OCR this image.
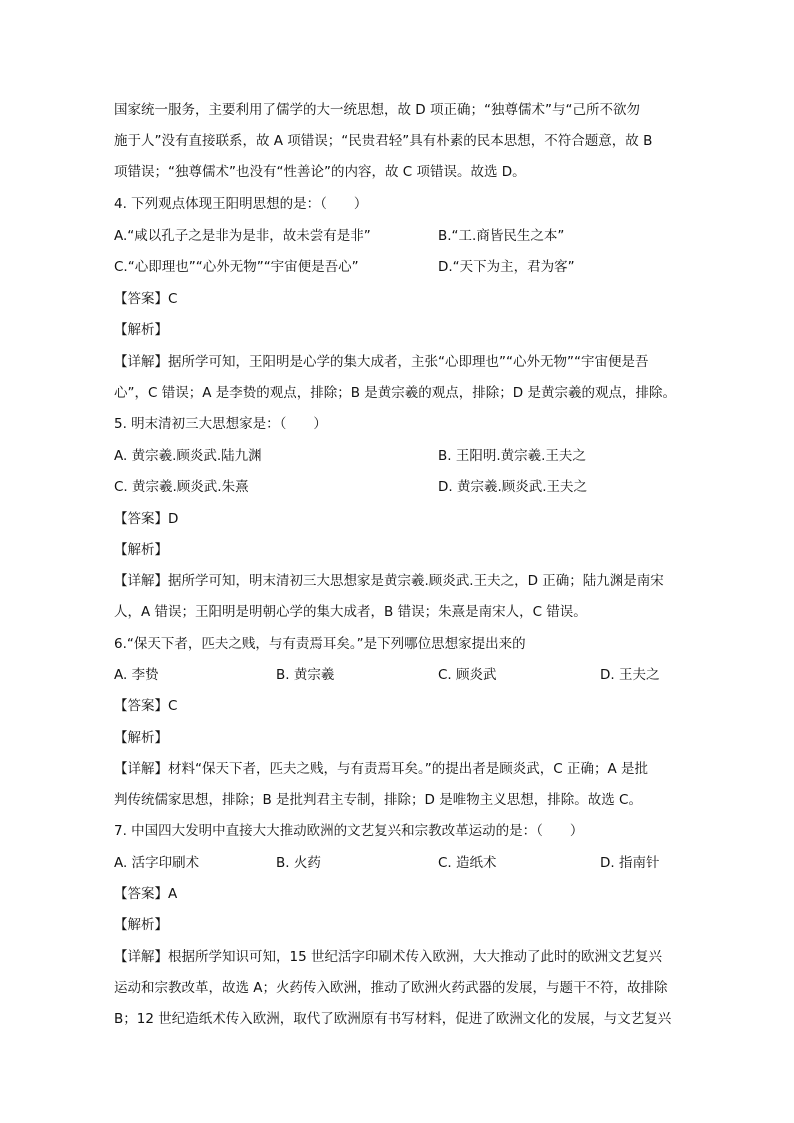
国家统一服务，主要利用了儒学的大一统思想，故 D 项正确；“独尊儒术”与“己所不欲勿
施于人”没有直接联系，故 A 项错误；“民贵君轻”具有朴素的民本思想，不符合题意，故 B
项错误；“独尊儒术”也没有“性善论”的内容，故 C 项错误。故选 D。
4. 下列观点体现王阳明思想的是：（　　）
A.“咸以孔子之是非为是非，故未尝有是非”	B.“工.商皆民生之本”
C.“心即理也”“心外无物”“宇宙便是吾心”	D.“天下为主，君为客”
【答案】C
【解析】
【详解】据所学可知，王阳明是心学的集大成者，主张“心即理也”“心外无物”“宇宙便是吾
心”，C 错误；A 是李贽的观点，排除；B 是黄宗羲的观点，排除；D 是黄宗羲的观点，排除。
5. 明末清初三大思想家是：（　　）
A. 黄宗羲.顾炎武.陆九渊	B. 王阳明.黄宗羲.王夫之
C. 黄宗羲.顾炎武.朱熹	D. 黄宗羲.顾炎武.王夫之
【答案】D
【解析】
【详解】据所学可知，明末清初三大思想家是黄宗羲.顾炎武.王夫之，D 正确；陆九渊是南宋
人，A 错误；王阳明是明朝心学的集大成者，B 错误；朱熹是南宋人，C 错误。
6.“保天下者，匹夫之贱，与有责焉耳矣。”是下列哪位思想家提出来的
A. 李贽	B. 黄宗羲	C. 顾炎武	D. 王夫之
【答案】C
【解析】
【详解】材料“保天下者，匹夫之贱，与有责焉耳矣。”的提出者是顾炎武，C 正确；A 是批
判传统儒家思想，排除；B 是批判君主专制，排除；D 是唯物主义思想，排除。故选 C。
7. 中国四大发明中直接大大推动欧洲的文艺复兴和宗教改革运动的是：（　　）
A. 活字印刷术	B. 火药	C. 造纸术	D. 指南针
【答案】A
【解析】
【详解】根据所学知识可知，15 世纪活字印刷术传入欧洲，大大推动了此时的欧洲文艺复兴
运动和宗教改革，故选 A；火药传入欧洲，推动了欧洲火药武器的发展，与题干不符，故排除
B；12 世纪造纸术传入欧洲，取代了欧洲原有书写材料，促进了欧洲文化的发展，与文艺复兴
